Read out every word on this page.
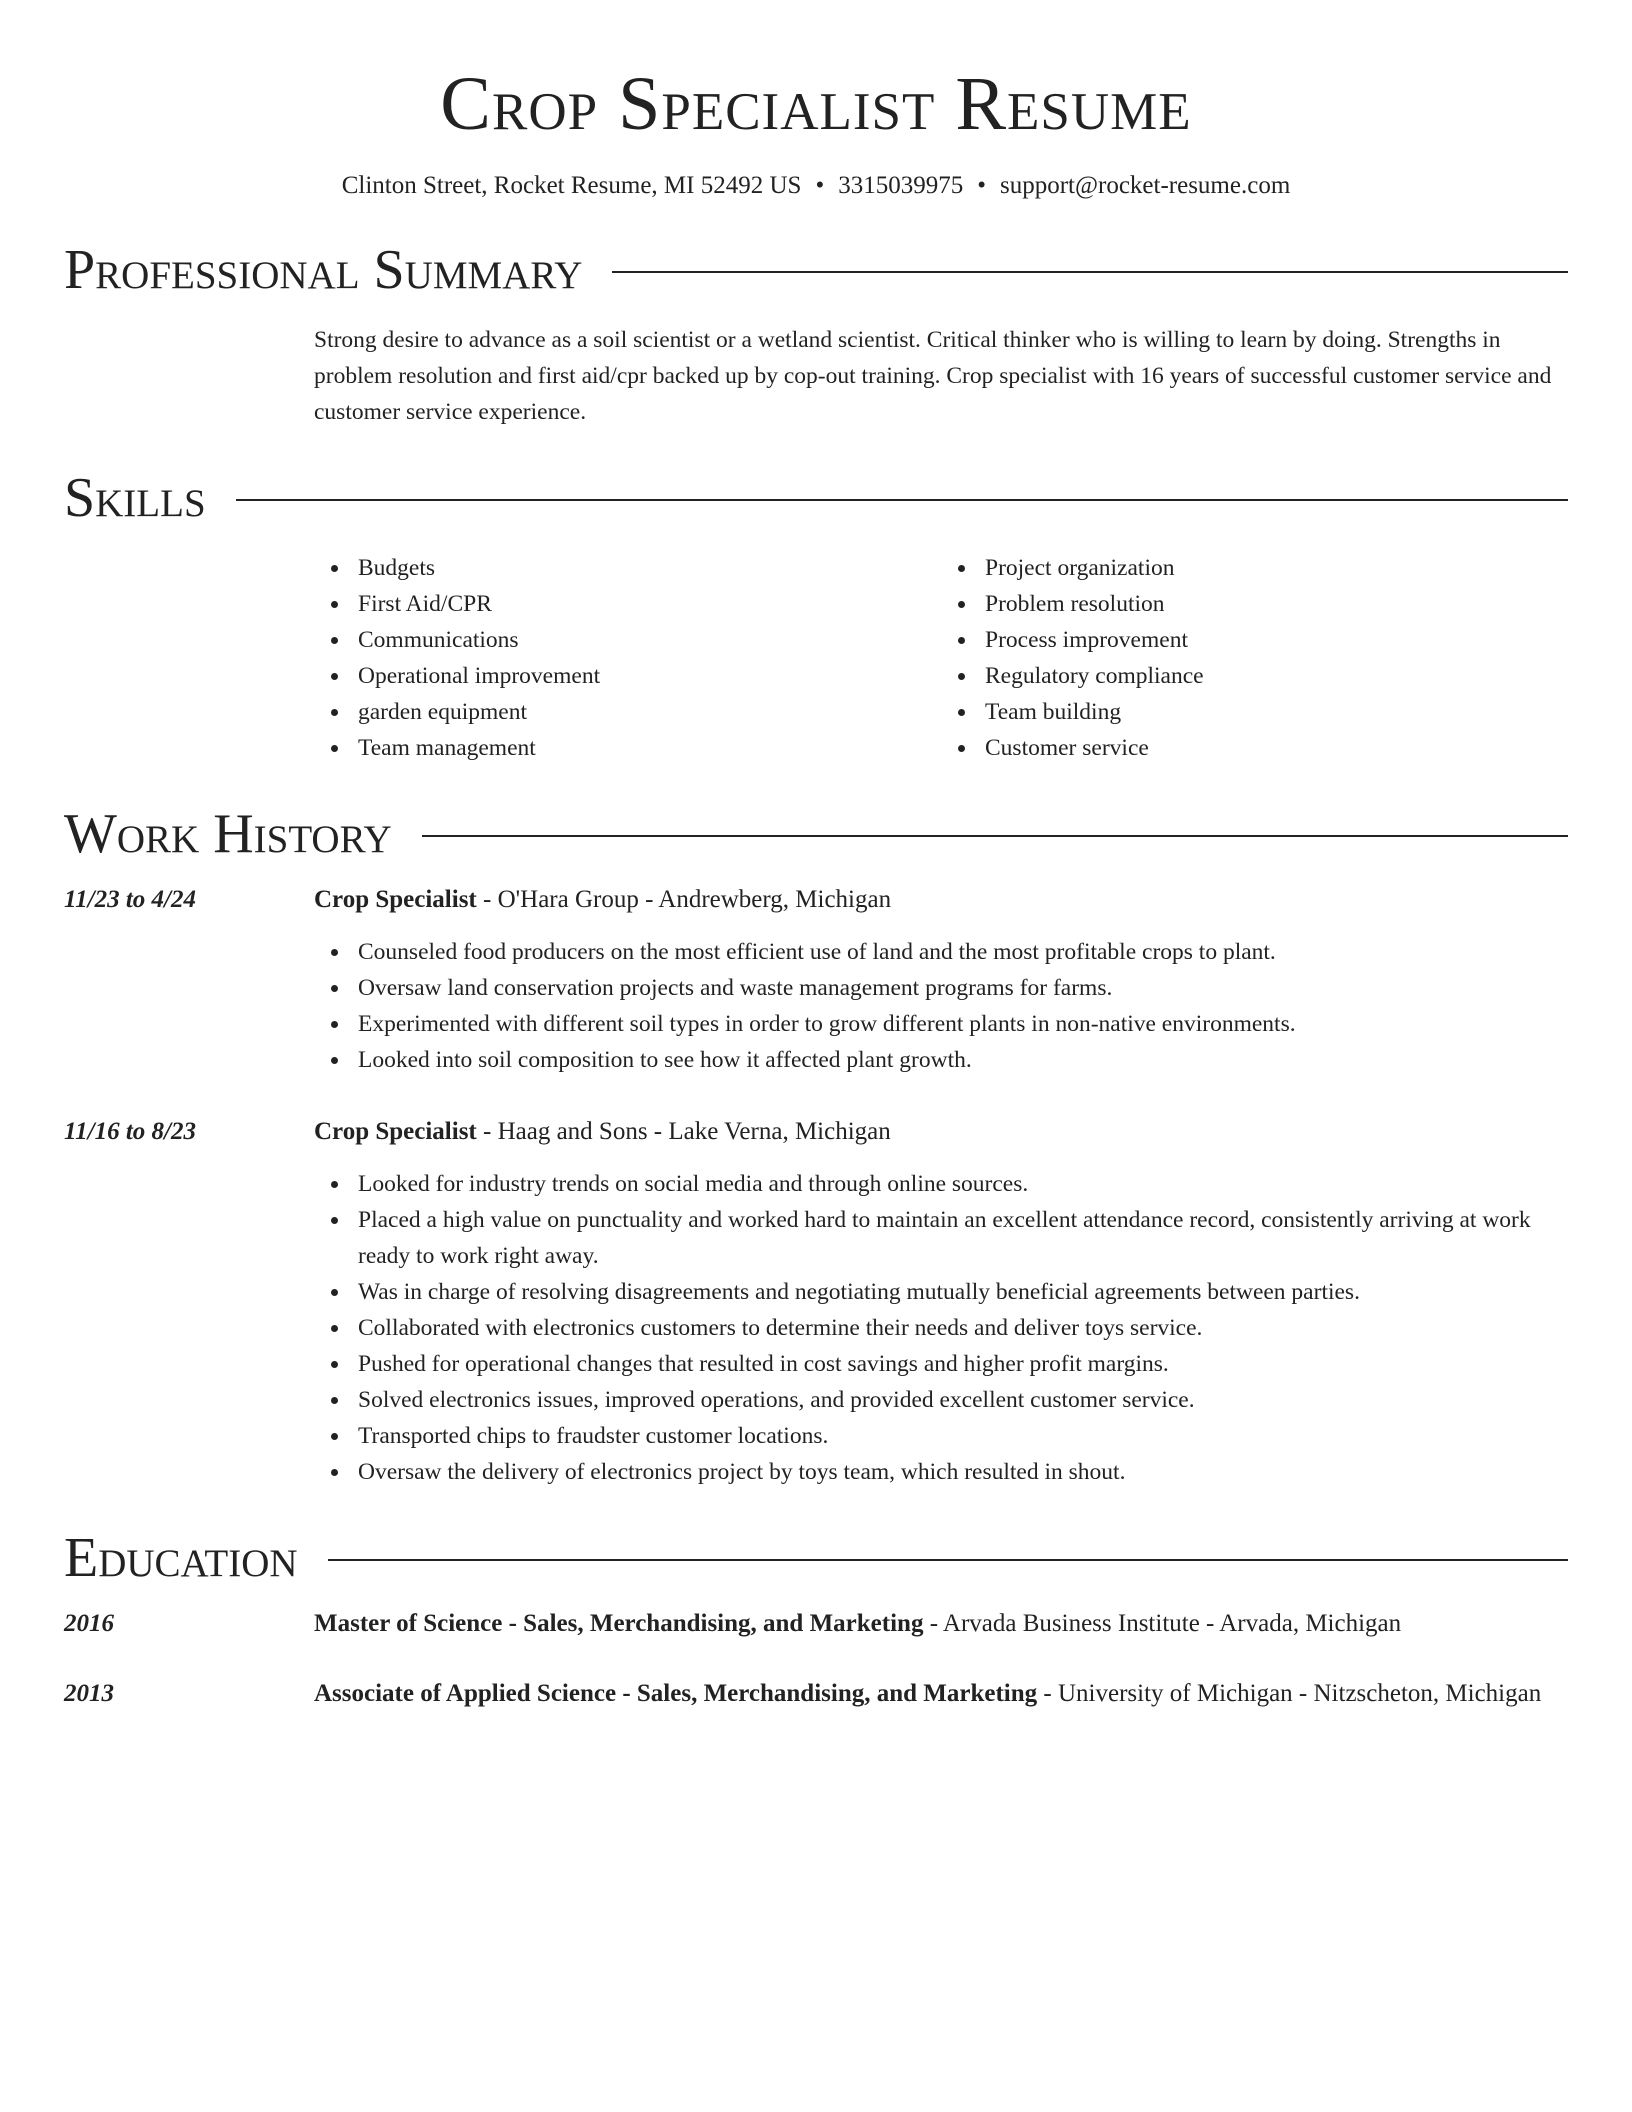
Crop Specialist Resume
Clinton Street, Rocket Resume, MI 52492 US • 3315039975 • support@rocket-resume.com
Professional Summary
Strong desire to advance as a soil scientist or a wetland scientist. Critical thinker who is willing to learn by doing. Strengths in problem resolution and first aid/cpr backed up by cop-out training. Crop specialist with 16 years of successful customer service and customer service experience.
Skills
Budgets
First Aid/CPR
Communications
Operational improvement
garden equipment
Team management
Project organization
Problem resolution
Process improvement
Regulatory compliance
Team building
Customer service
Work History
11/23 to 4/24	Crop Specialist - O'Hara Group - Andrewberg, Michigan
Counseled food producers on the most efficient use of land and the most profitable crops to plant.
Oversaw land conservation projects and waste management programs for farms.
Experimented with different soil types in order to grow different plants in non-native environments.
Looked into soil composition to see how it affected plant growth.
11/16 to 8/23	Crop Specialist - Haag and Sons - Lake Verna, Michigan
Looked for industry trends on social media and through online sources.
Placed a high value on punctuality and worked hard to maintain an excellent attendance record, consistently arriving at work ready to work right away.
Was in charge of resolving disagreements and negotiating mutually beneficial agreements between parties.
Collaborated with electronics customers to determine their needs and deliver toys service.
Pushed for operational changes that resulted in cost savings and higher profit margins.
Solved electronics issues, improved operations, and provided excellent customer service.
Transported chips to fraudster customer locations.
Oversaw the delivery of electronics project by toys team, which resulted in shout.
Education
2016	Master of Science - Sales, Merchandising, and Marketing - Arvada Business Institute - Arvada, Michigan
2013	Associate of Applied Science - Sales, Merchandising, and Marketing - University of Michigan - Nitzscheton, Michigan
